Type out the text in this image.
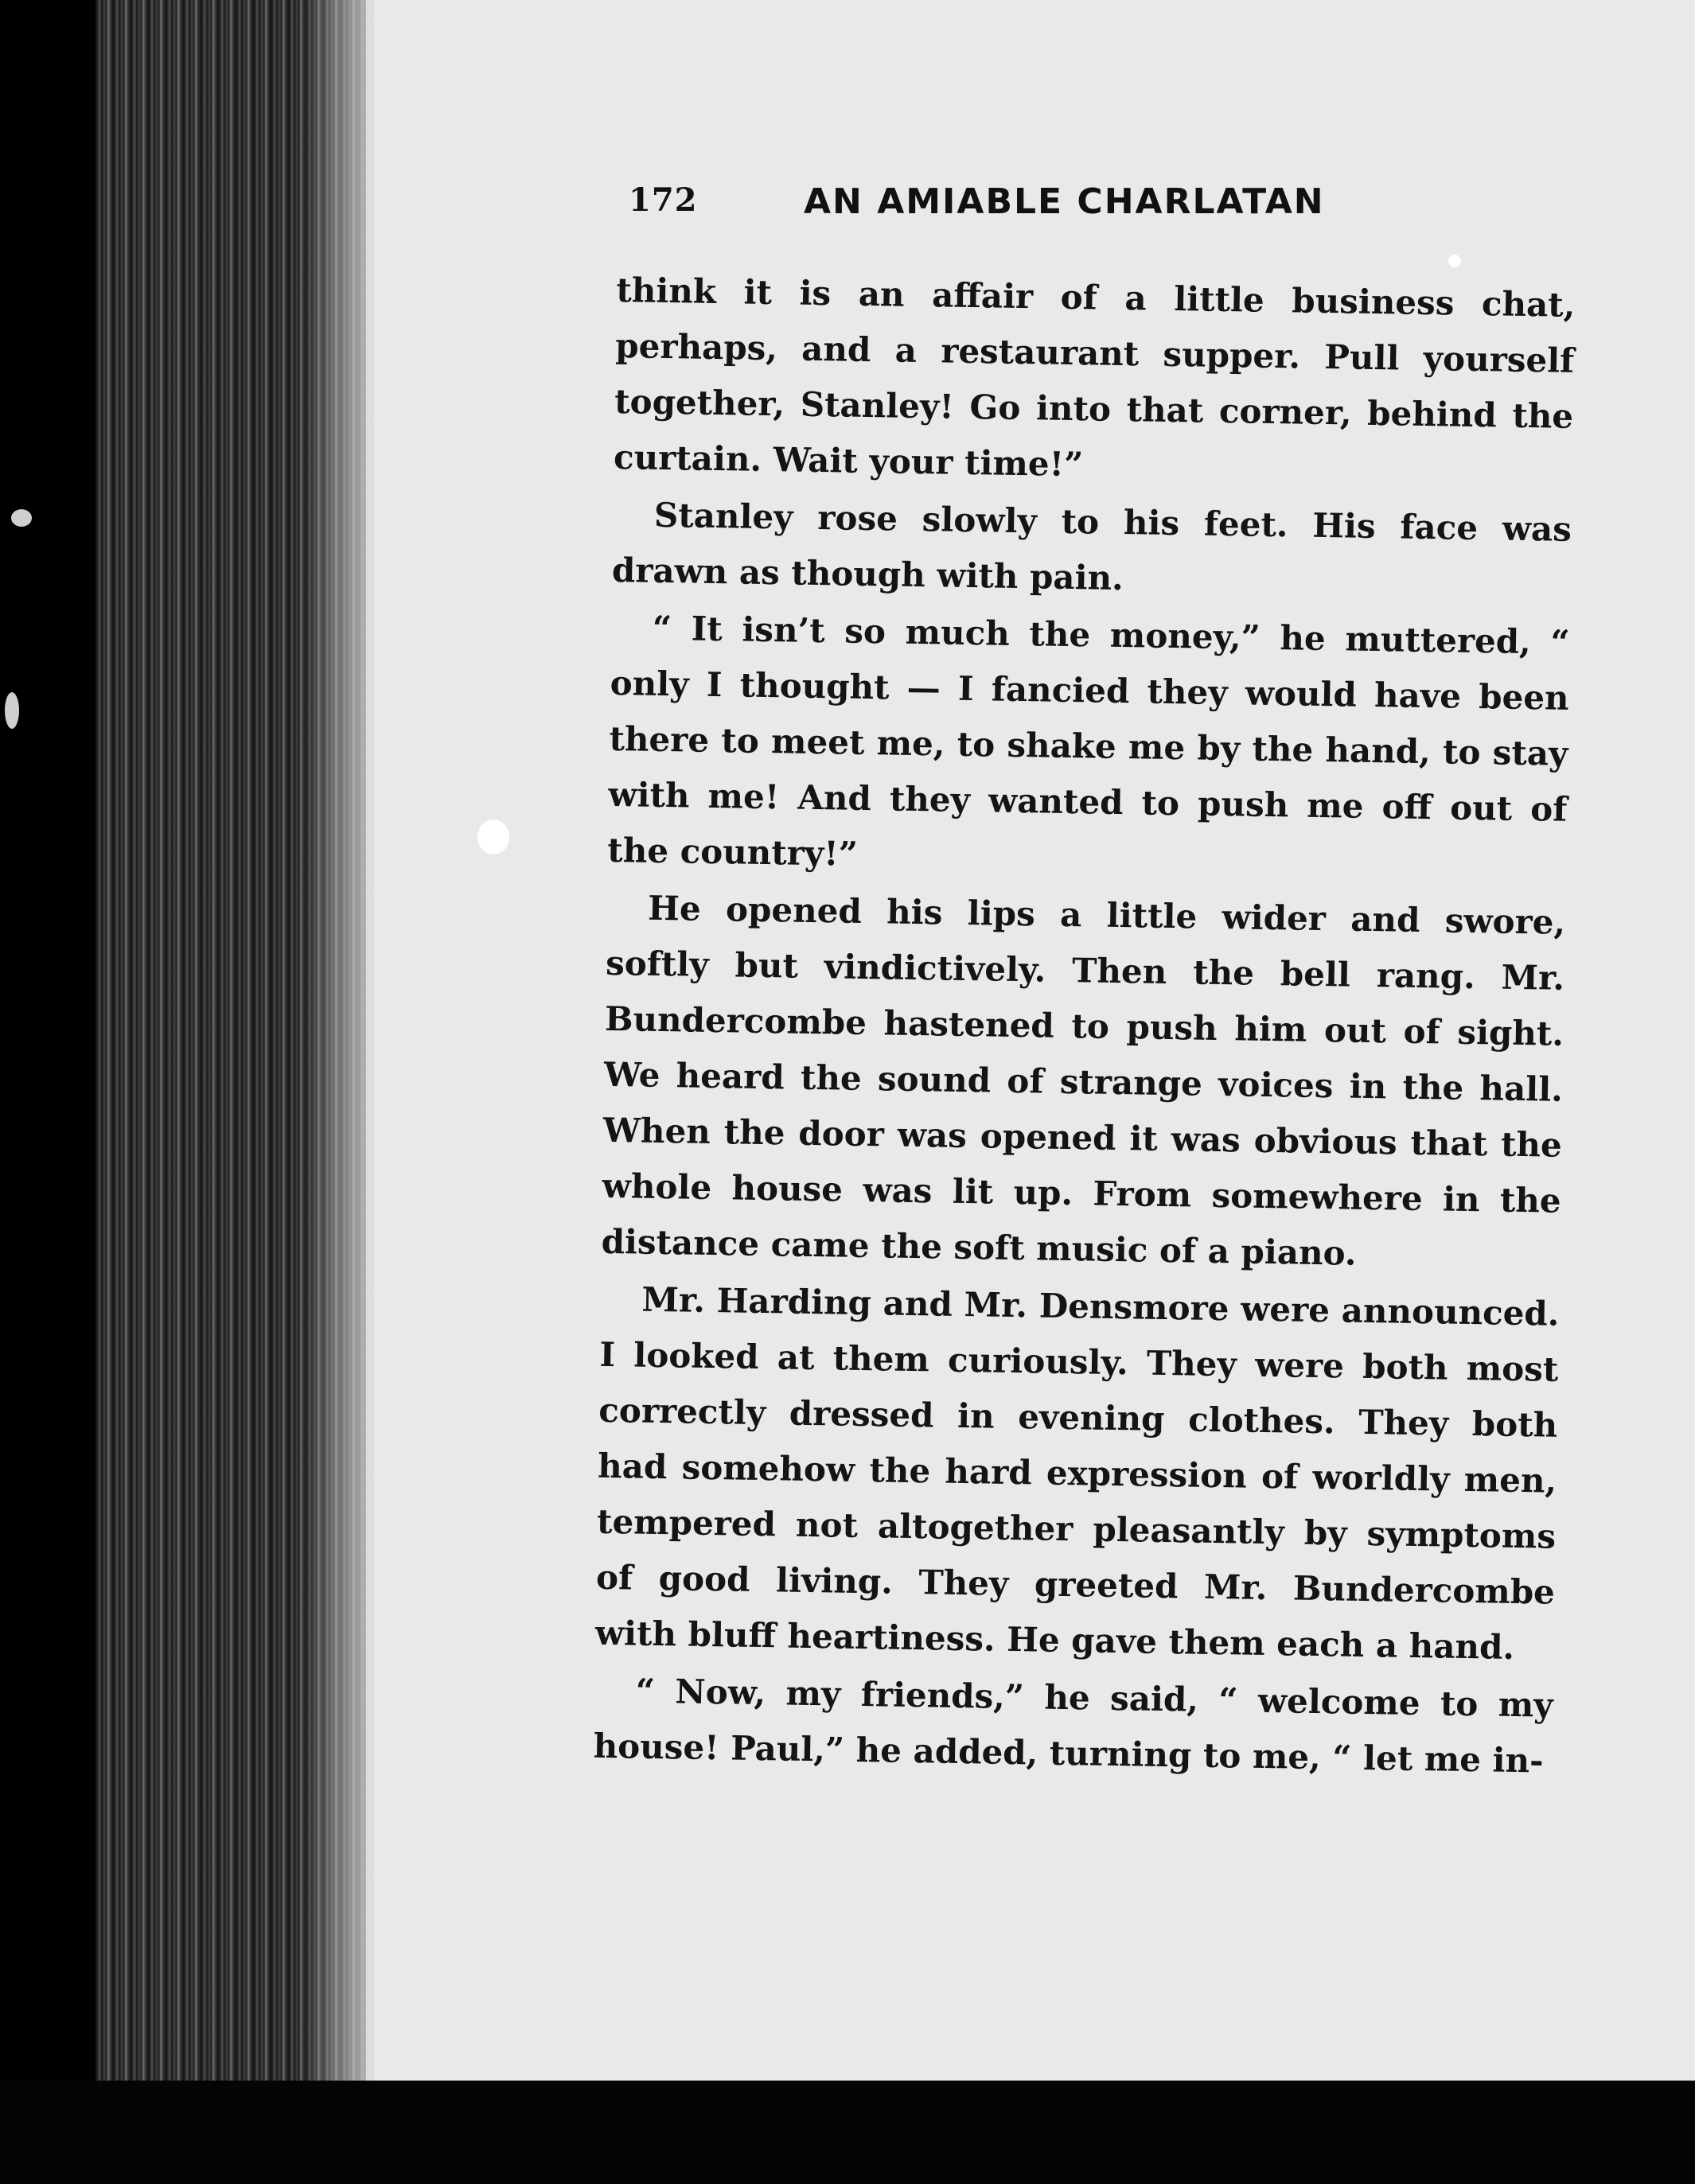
172	AN AMIABLE CHARLATAN

think it is an affair of a little business chat, perhaps, and a restaurant supper. Pull yourself together, Stanley! Go into that corner, behind the curtain. Wait your time!”

Stanley rose slowly to his feet. His face was drawn as though with pain.

“ It isn’t so much the money,” he muttered, “ only I thought — I fancied they would have been there to meet me, to shake me by the hand, to stay with me! And they wanted to push me off out of the country!”

He opened his lips a little wider and swore, softly but vindictively. Then the bell rang. Mr. Bundercombe hastened to push him out of sight. We heard the sound of strange voices in the hall. When the door was opened it was obvious that the whole house was lit up. From somewhere in the distance came the soft music of a piano.

Mr. Harding and Mr. Densmore were announced. I looked at them curiously. They were both most correctly dressed in evening clothes. They both had somehow the hard expression of worldly men, tempered not altogether pleasantly by symptoms of good living. They greeted Mr. Bundercombe with bluff heartiness. He gave them each a hand.

“ Now, my friends,” he said, “ welcome to my house! Paul,” he added, turning to me, “ let me in-
